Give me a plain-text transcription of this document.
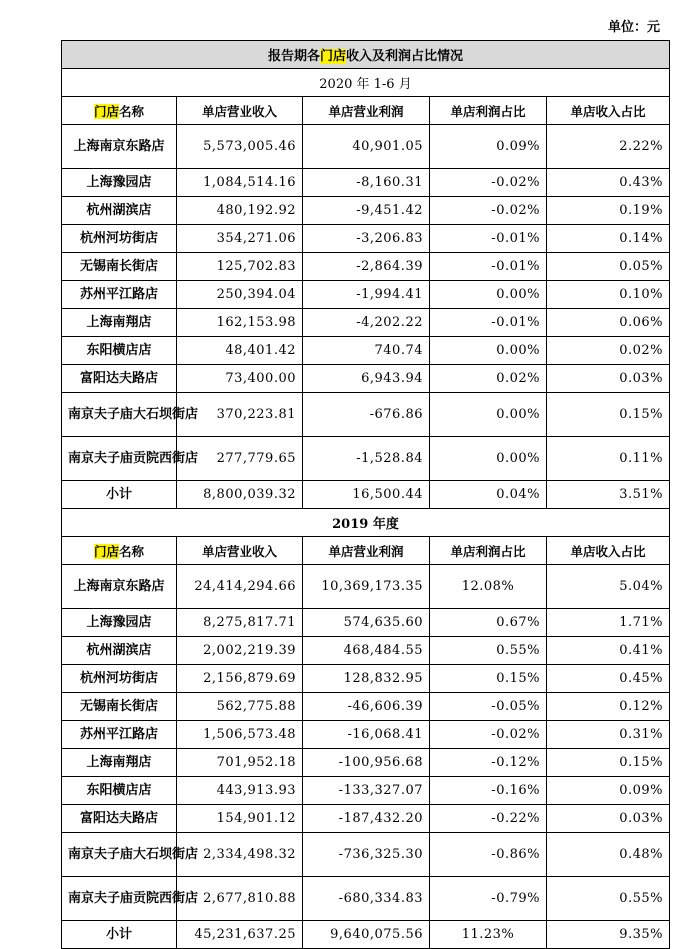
单位：元
报告期各门店收入及利润占比情况				
2020 年 1-6 月				
门店名称	单店营业收入	单店营业利润	单店利润占比	单店收入占比
上海南京东路店	5,573,005.46	40,901.05	0.09%	2.22%
上海豫园店	1,084,514.16	-8,160.31	-0.02%	0.43%
杭州湖滨店	480,192.92	-9,451.42	-0.02%	0.19%
杭州河坊街店	354,271.06	-3,206.83	-0.01%	0.14%
无锡南长街店	125,702.83	-2,864.39	-0.01%	0.05%
苏州平江路店	250,394.04	-1,994.41	0.00%	0.10%
上海南翔店	162,153.98	-4,202.22	-0.01%	0.06%
东阳横店店	48,401.42	740.74	0.00%	0.02%
富阳达夫路店	73,400.00	6,943.94	0.02%	0.03%
南京夫子庙大石坝街店	370,223.81	-676.86	0.00%	0.15%
南京夫子庙贡院西街店	277,779.65	-1,528.84	0.00%	0.11%
小计	8,800,039.32	16,500.44	0.04%	3.51%
2019 年度				
门店名称	单店营业收入	单店营业利润	单店利润占比	单店收入占比
上海南京东路店	24,414,294.66	10,369,173.35	12.08%	5.04%
上海豫园店	8,275,817.71	574,635.60	0.67%	1.71%
杭州湖滨店	2,002,219.39	468,484.55	0.55%	0.41%
杭州河坊街店	2,156,879.69	128,832.95	0.15%	0.45%
无锡南长街店	562,775.88	-46,606.39	-0.05%	0.12%
苏州平江路店	1,506,573.48	-16,068.41	-0.02%	0.31%
上海南翔店	701,952.18	-100,956.68	-0.12%	0.15%
东阳横店店	443,913.93	-133,327.07	-0.16%	0.09%
富阳达夫路店	154,901.12	-187,432.20	-0.22%	0.03%
南京夫子庙大石坝街店	2,334,498.32	-736,325.30	-0.86%	0.48%
南京夫子庙贡院西街店	2,677,810.88	-680,334.83	-0.79%	0.55%
小计	45,231,637.25	9,640,075.56	11.23%	9.35%
